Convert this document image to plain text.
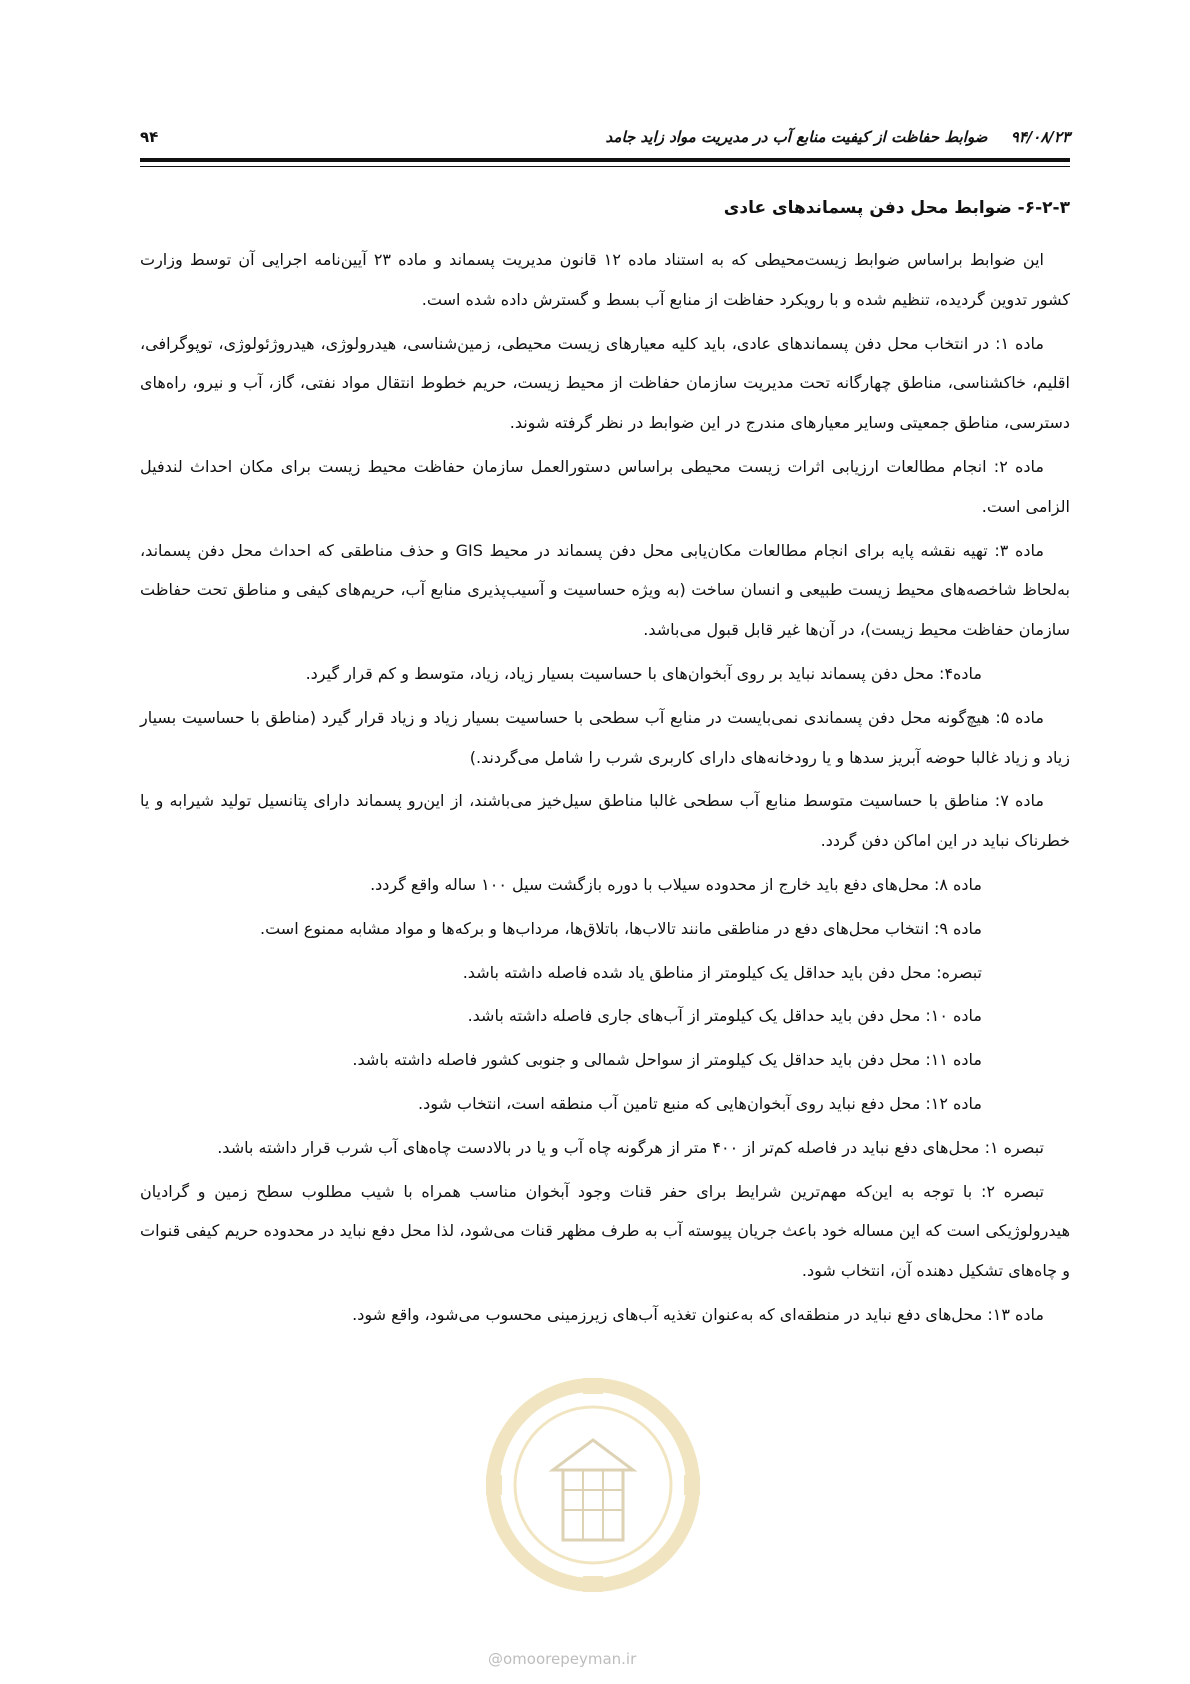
۹۴	۹۴/۰۸/۲۳ ضوابط حفاظت از کیفیت منابع آب در مدیریت مواد زاید جامد
۶-۲-۳- ضوابط محل دفن پسماندهای عادی

این ضوابط براساس ضوابط زیست‌محیطی که به استناد ماده ۱۲ قانون مدیریت پسماند و ماده ۲۳ آیین‌نامه اجرایی آن توسط وزارت کشور تدوین گردیده، تنظیم شده و با رویکرد حفاظت از منابع آب بسط و گسترش داده شده است.

ماده ۱: در انتخاب محل دفن پسماندهای عادی، باید کلیه معیارهای زیست محیطی، زمین‌شناسی، هیدرولوژی، هیدروژئولوژی، توپوگرافی، اقلیم، خاکشناسی، مناطق چهارگانه تحت مدیریت سازمان حفاظت از محیط زیست، حریم خطوط انتقال مواد نفتی، گاز، آب و نیرو، راه‌های دسترسی، مناطق جمعیتی وسایر معیارهای مندرج در این ضوابط در نظر گرفته شوند.

ماده ۲: انجام مطالعات ارزیابی اثرات زیست محیطی براساس دستورالعمل سازمان حفاظت محیط زیست برای مکان احداث لندفیل الزامی است.

ماده ۳: تهیه نقشه پایه برای انجام مطالعات مکان‌یابی محل دفن پسماند در محیط GIS و حذف مناطقی که احداث محل دفن پسماند، به‌لحاظ شاخصه‌های محیط زیست طبیعی و انسان ساخت (به ویژه حساسیت و آسیب‌پذیری منابع آب، حریم‌های کیفی و مناطق تحت حفاظت سازمان حفاظت محیط زیست)، در آن‌ها غیر قابل قبول می‌باشد.

ماده۴: محل دفن پسماند نباید بر روی آبخوان‌های با حساسیت بسیار زیاد، زیاد، متوسط و کم قرار گیرد.

ماده ۵: هیچ‌گونه محل دفن پسماندی نمی‌بایست در منابع آب سطحی با حساسیت بسیار زیاد و زیاد قرار گیرد (مناطق با حساسیت بسیار زیاد و زیاد غالبا حوضه آبریز سدها و یا رودخانه‌های دارای کاربری شرب را شامل می‌گردند.)

ماده ۷: مناطق با حساسیت متوسط منابع آب سطحی غالبا مناطق سیل‌خیز می‌باشند، از این‌رو پسماند دارای پتانسیل تولید شیرابه و یا خطرناک نباید در این اماکن دفن گردد.

ماده ۸: محل‌های دفع باید خارج از محدوده سیلاب با دوره بازگشت سیل ۱۰۰ ساله واقع گردد.

ماده ۹: انتخاب محل‌های دفع در مناطقی مانند تالاب‌ها، باتلاق‌ها، مرداب‌ها و برکه‌ها و مواد مشابه ممنوع است.

تبصره: محل دفن باید حداقل یک کیلومتر از مناطق یاد شده فاصله داشته باشد.

ماده ۱۰: محل دفن باید حداقل یک کیلومتر از آب‌های جاری فاصله داشته باشد.

ماده ۱۱: محل دفن باید حداقل یک کیلومتر از سواحل شمالی و جنوبی کشور فاصله داشته باشد.

ماده ۱۲: محل دفع نباید روی آبخوان‌هایی که منبع تامین آب منطقه است، انتخاب شود.

تبصره ۱: محل‌های دفع نباید در فاصله کم‌تر از ۴۰۰ متر از هرگونه چاه آب و یا در بالادست چاه‌های آب شرب قرار داشته باشد.

تبصره ۲: با توجه به این‌که مهم‌ترین شرایط برای حفر قنات وجود آبخوان مناسب همراه با شیب مطلوب سطح زمین و گرادیان هیدرولوژیکی است که این مساله خود باعث جریان پیوسته آب به طرف مظهر قنات می‌شود، لذا محل دفع نباید در محدوده حریم کیفی قنوات و چاه‌های تشکیل دهنده آن، انتخاب شود.

ماده ۱۳: محل‌های دفع نباید در منطقه‌ای که به‌عنوان تغذیه آب‌های زیرزمینی محسوب می‌شود، واقع شود.

@omoorepeyman.ir
